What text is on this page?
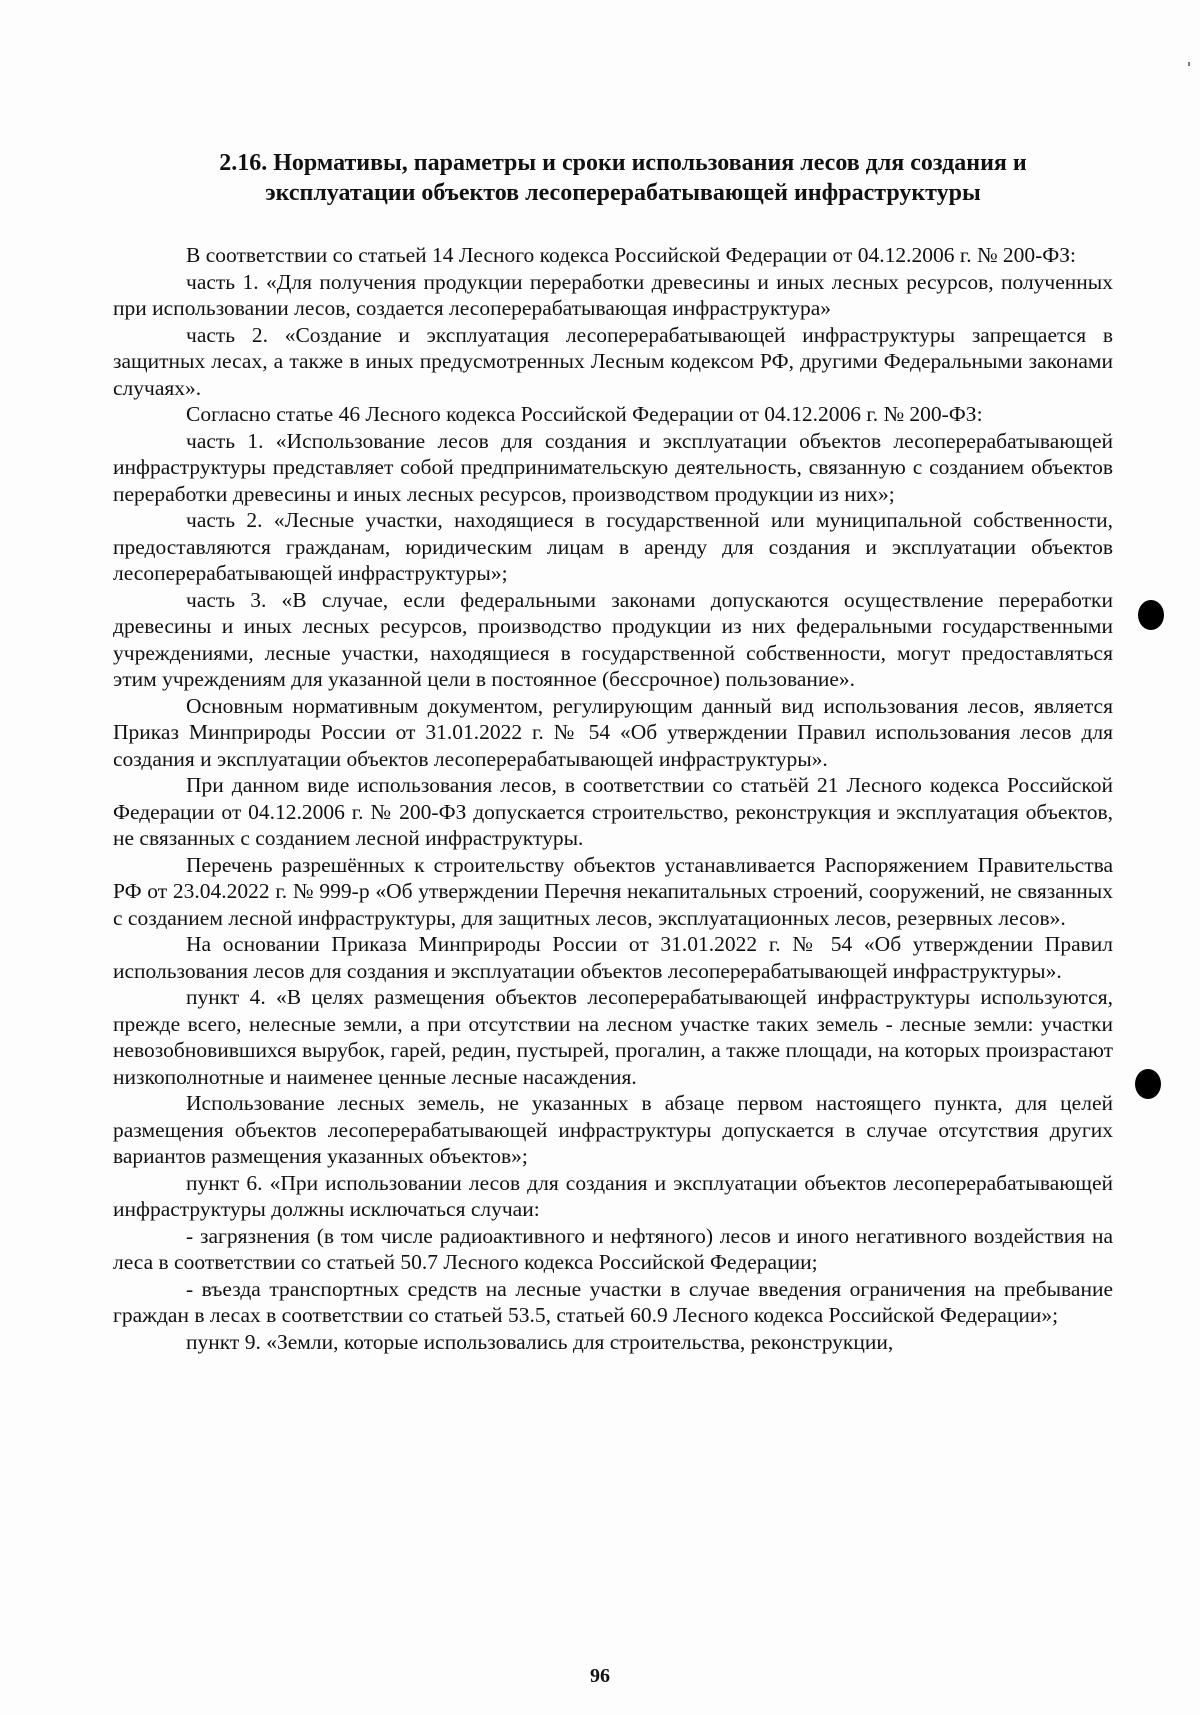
2.16. Нормативы, параметры и сроки использования лесов для создания и
эксплуатации объектов лесоперерабатывающей инфраструктуры

В соответствии со статьей 14 Лесного кодекса Российской Федерации от 04.12.2006 г. № 200-ФЗ:

часть 1. «Для получения продукции переработки древесины и иных лесных ресурсов, полученных при использовании лесов, создается лесоперерабатывающая инфраструктура»

часть 2. «Создание и эксплуатация лесоперерабатывающей инфраструктуры запрещается в защитных лесах, а также в иных предусмотренных Лесным кодексом РФ, другими Федеральными законами случаях».

Согласно статье 46 Лесного кодекса Российской Федерации от 04.12.2006 г. № 200-ФЗ:

часть 1. «Использование лесов для создания и эксплуатации объектов лесоперерабатывающей инфраструктуры представляет собой предпринимательскую деятельность, связанную с созданием объектов переработки древесины и иных лесных ресурсов, производством продукции из них»;

часть 2. «Лесные участки, находящиеся в государственной или муниципальной собственности, предоставляются гражданам, юридическим лицам в аренду для создания и эксплуатации объектов лесоперерабатывающей инфраструктуры»;

часть 3. «В случае, если федеральными законами допускаются осуществление переработки древесины и иных лесных ресурсов, производство продукции из них федеральными государственными учреждениями, лесные участки, находящиеся в государственной собственности, могут предоставляться этим учреждениям для указанной цели в постоянное (бессрочное) пользование».

Основным нормативным документом, регулирующим данный вид использования лесов, является Приказ Минприроды России от 31.01.2022 г. № 54 «Об утверждении Правил использования лесов для создания и эксплуатации объектов лесоперерабатывающей инфраструктуры».

При данном виде использования лесов, в соответствии со статьёй 21 Лесного кодекса Российской Федерации от 04.12.2006 г. № 200-ФЗ допускается строительство, реконструкция и эксплуатация объектов, не связанных с созданием лесной инфраструктуры.

Перечень разрешённых к строительству объектов устанавливается Распоряжением Правительства РФ от 23.04.2022 г. № 999-р «Об утверждении Перечня некапитальных строений, сооружений, не связанных с созданием лесной инфраструктуры, для защитных лесов, эксплуатационных лесов, резервных лесов».

На основании Приказа Минприроды России от 31.01.2022 г. № 54 «Об утверждении Правил использования лесов для создания и эксплуатации объектов лесоперерабатывающей инфраструктуры».

пункт 4. «В целях размещения объектов лесоперерабатывающей инфраструктуры используются, прежде всего, нелесные земли, а при отсутствии на лесном участке таких земель - лесные земли: участки невозобновившихся вырубок, гарей, редин, пустырей, прогалин, а также площади, на которых произрастают низкополнотные и наименее ценные лесные насаждения.

Использование лесных земель, не указанных в абзаце первом настоящего пункта, для целей размещения объектов лесоперерабатывающей инфраструктуры допускается в случае отсутствия других вариантов размещения указанных объектов»;

пункт 6. «При использовании лесов для создания и эксплуатации объектов лесоперерабатывающей инфраструктуры должны исключаться случаи:

- загрязнения (в том числе радиоактивного и нефтяного) лесов и иного негативного воздействия на леса в соответствии со статьей 50.7 Лесного кодекса Российской Федерации;

- въезда транспортных средств на лесные участки в случае введения ограничения на пребывание граждан в лесах в соответствии со статьей 53.5, статьей 60.9 Лесного кодекса Российской Федерации»;

пункт 9. «Земли, которые использовались для строительства, реконструкции,

96
